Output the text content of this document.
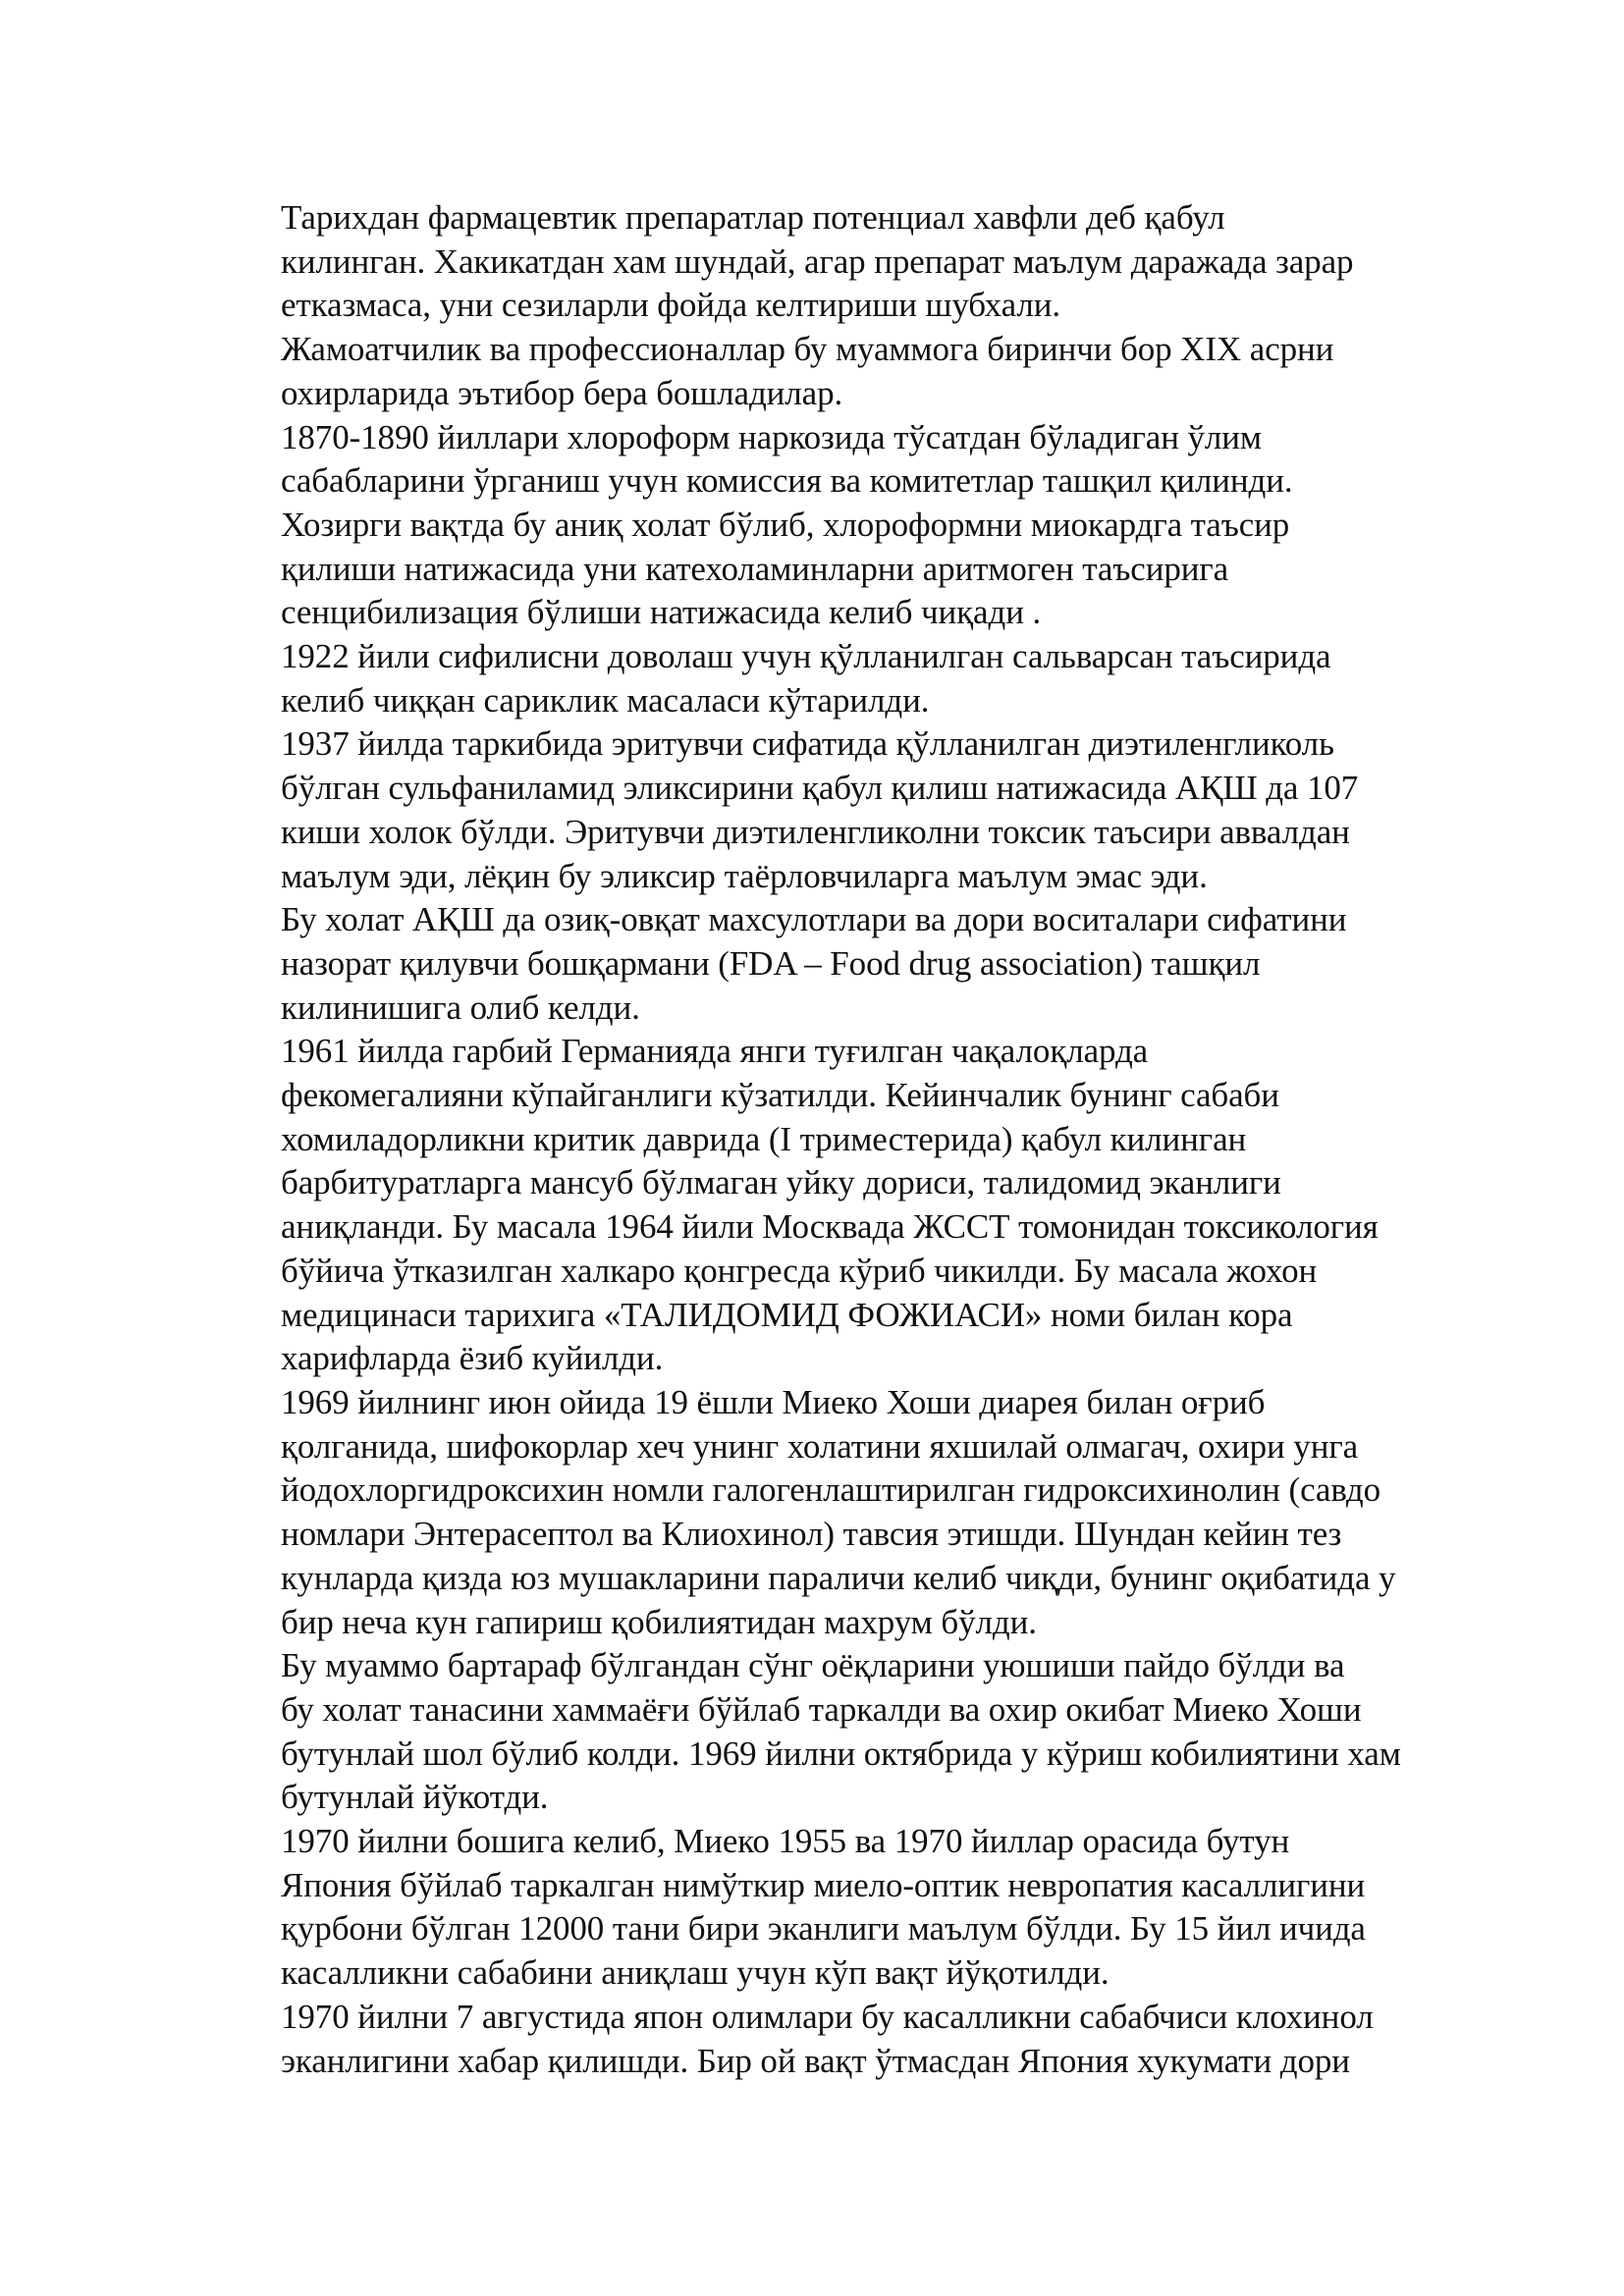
Тарихдан фармацевтик препаратлар потенциал хавфли деб қабул
килинган. Хакикатдан хам шундай, агар препарат маълум даражада зарар
етказмаса, уни сезиларли фойда келтириши шубхали.

Жамоатчилик ва профессионаллар бу муаммога биринчи бор XIX асрни
охирларида эътибор бера бошладилар.

1870-1890 йиллари хлороформ наркозида тўсатдан бўладиган ўлим
сабабларини ўрганиш учун комиссия ва комитетлар ташқил қилинди.

Хозирги вақтда бу аниқ холат бўлиб, хлороформни миокардга таъсир
қилиши натижасида уни катехоламинларни аритмоген таъсирига
сенцибилизация бўлиши натижасида келиб чиқади .

1922 йили сифилисни доволаш учун қўлланилган сальварсан таъсирида
келиб чиққан сариклик масаласи кўтарилди.

1937 йилда таркибида эритувчи сифатида қўлланилган диэтиленгликоль
бўлган сульфаниламид эликсирини қабул қилиш натижасида АҚШ да 107
киши холок бўлди. Эритувчи диэтиленгликолни токсик таъсири аввалдан
маълум эди, лёқин бу эликсир таёрловчиларга маълум эмас эди.

Бу холат АҚШ да озиқ-овқат махсулотлари ва дори воситалари сифатини
назорат қилувчи бошқармани (FDA – Food drug association) ташқил
килинишига олиб келди.

1961 йилда гарбий Германияда янги туғилган чақалоқларда
фекомегалияни кўпайганлиги кўзатилди. Кейинчалик бунинг сабаби
хомиладорликни критик даврида (I триместерида) қабул килинган
барбитуратларга мансуб бўлмаган уйку дориси, талидомид эканлиги
аниқланди. Бу масала 1964 йили Москвада ЖССТ томонидан токсикология
бўйича ўтказилган халкаро қонгресда кўриб чикилди. Бу масала жохон
медицинаси тарихига «ТАЛИДОМИД ФОЖИАСИ» номи билан кора
харифларда ёзиб куйилди.

1969 йилнинг июн ойида 19 ёшли Миеко Хоши диарея билан оғриб
қолганида, шифокорлар хеч унинг холатини яхшилай олмагач, охири унга
йодохлоргидроксихин номли галогенлаштирилган гидроксихинолин (савдо
номлари Энтерасептол ва Клиохинол) тавсия этишди. Шундан кейин тез
кунларда қизда юз мушакларини параличи келиб чиқди, бунинг оқибатида у
бир неча кун гапириш қобилиятидан махрум бўлди.

Бу муаммо бартараф бўлгандан сўнг оёқларини уюшиши пайдо бўлди ва
бу холат танасини хаммаёғи бўйлаб таркалди ва охир окибат Миеко Хоши
бутунлай шол бўлиб колди. 1969 йилни октябрида у кўриш кобилиятини хам
бутунлай йўкотди.

1970 йилни бошига келиб, Миеко 1955 ва 1970 йиллар орасида бутун
Япония бўйлаб таркалган нимўткир миело-оптик невропатия касаллигини
қурбони бўлган 12000 тани бири эканлиги маълум бўлди. Бу 15 йил ичида
касалликни сабабини аниқлаш учун кўп вақт йўқотилди.

1970 йилни 7 августида япон олимлари бу касалликни сабабчиси клохинол
эканлигини хабар қилишди. Бир ой вақт ўтмасдан Япония хукумати дори
